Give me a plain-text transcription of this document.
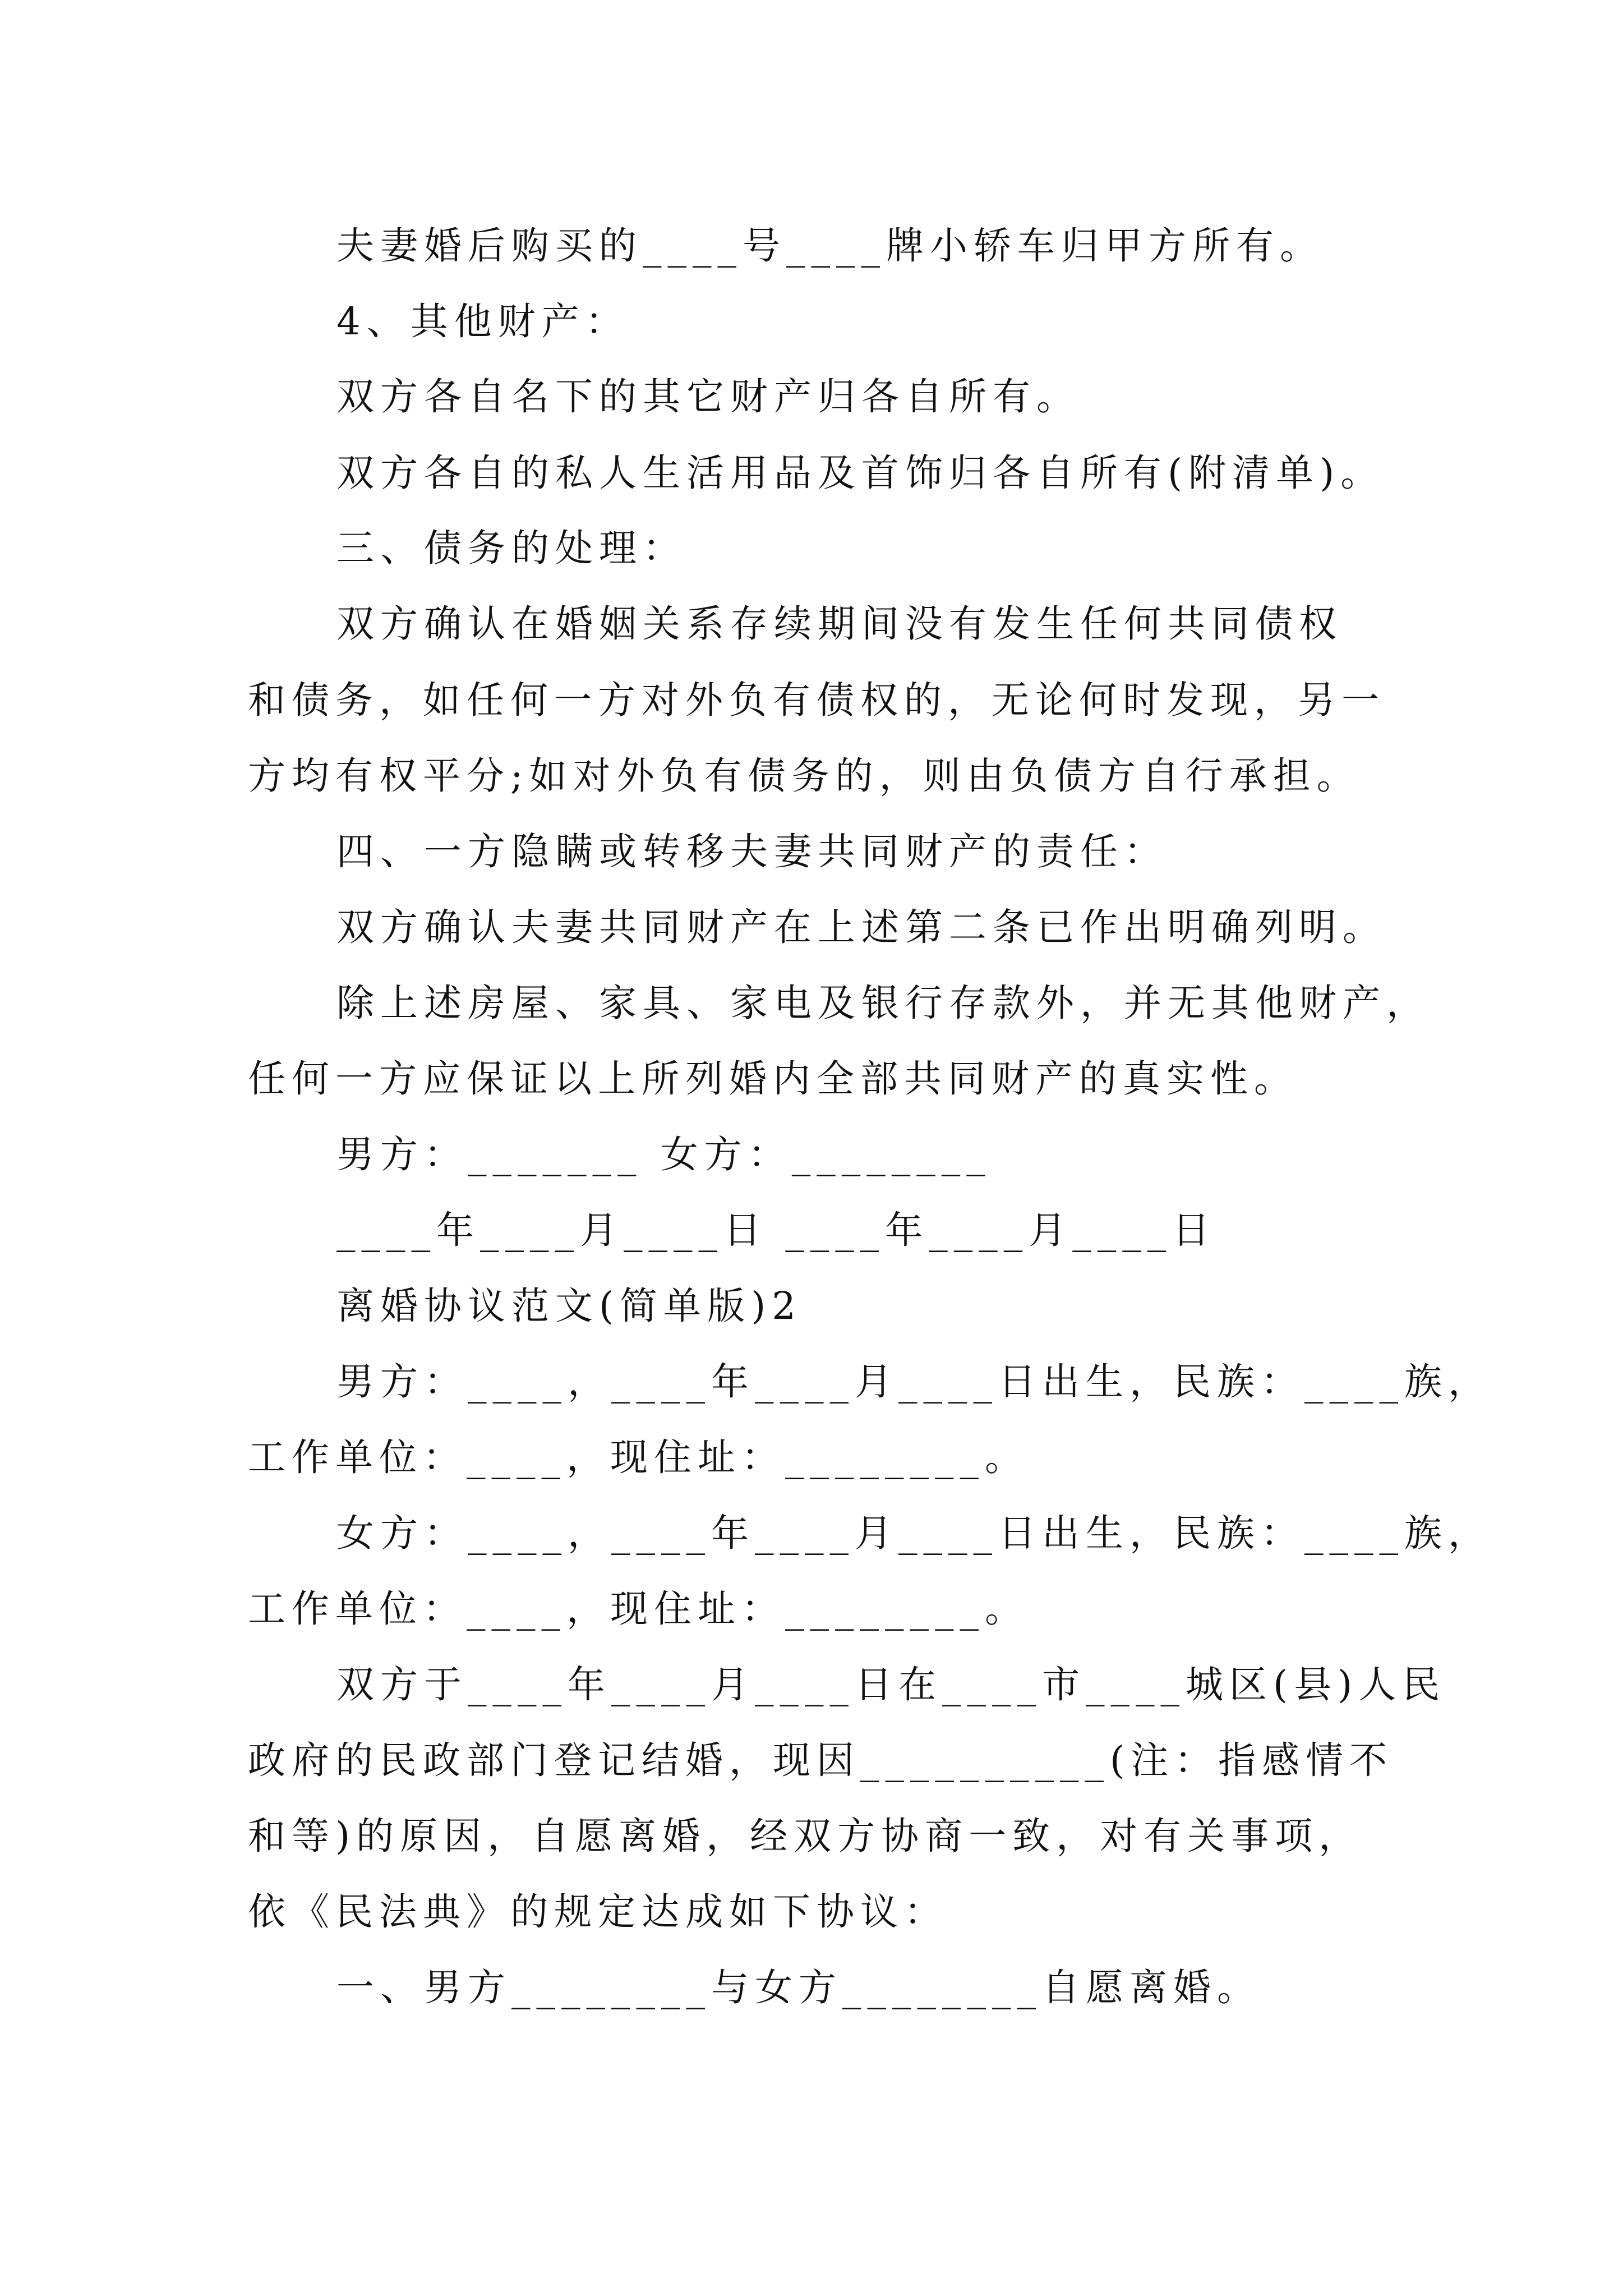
夫妻婚后购买的____号____牌小轿车归甲方所有。
4、其他财产：
双方各自名下的其它财产归各自所有。
双方各自的私人生活用品及首饰归各自所有(附清单)。
三、债务的处理：
双方确认在婚姻关系存续期间没有发生任何共同债权
和债务，如任何一方对外负有债权的，无论何时发现，另一
方均有权平分;如对外负有债务的，则由负债方自行承担。
四、一方隐瞒或转移夫妻共同财产的责任：
双方确认夫妻共同财产在上述第二条已作出明确列明。
除上述房屋、家具、家电及银行存款外，并无其他财产，
任何一方应保证以上所列婚内全部共同财产的真实性。
男方：_______ 女方：________
____年____月____日 ____年____月____日
离婚协议范文(简单版)2
男方：____，____年____月____日出生，民族：____族，
工作单位：____，现住址：________。
女方：____，____年____月____日出生，民族：____族，
工作单位：____，现住址：________。
双方于____年____月____日在____市____城区(县)人民
政府的民政部门登记结婚，现因__________(注：指感情不
和等)的原因，自愿离婚，经双方协商一致，对有关事项，
依《民法典》的规定达成如下协议：
一、男方________与女方________自愿离婚。
